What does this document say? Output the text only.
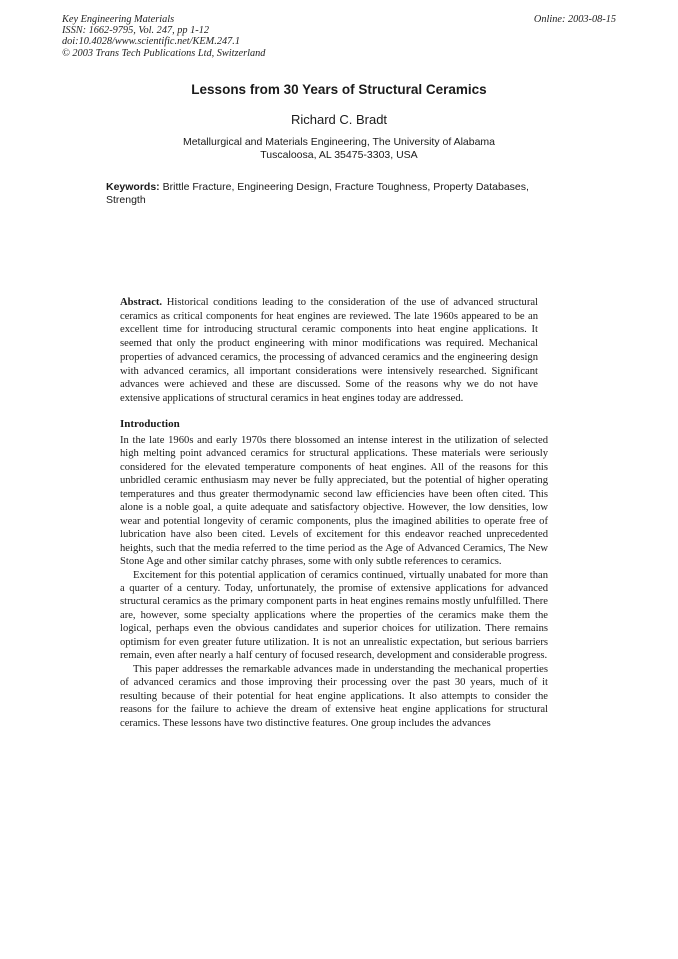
Key Engineering Materials
ISSN: 1662-9795, Vol. 247, pp 1-12
doi:10.4028/www.scientific.net/KEM.247.1
© 2003 Trans Tech Publications Ltd, Switzerland
Online: 2003-08-15
Lessons from 30 Years of Structural Ceramics
Richard C. Bradt
Metallurgical and Materials Engineering, The University of Alabama
Tuscaloosa, AL 35475-3303, USA
Keywords: Brittle Fracture, Engineering Design, Fracture Toughness, Property Databases, Strength
Abstract. Historical conditions leading to the consideration of the use of advanced structural ceramics as critical components for heat engines are reviewed. The late 1960s appeared to be an excellent time for introducing structural ceramic components into heat engine applications. It seemed that only the product engineering with minor modifications was required. Mechanical properties of advanced ceramics, the processing of advanced ceramics and the engineering design with advanced ceramics, all important considerations were intensively researched. Significant advances were achieved and these are discussed. Some of the reasons why we do not have extensive applications of structural ceramics in heat engines today are addressed.
Introduction

In the late 1960s and early 1970s there blossomed an intense interest in the utilization of selected high melting point advanced ceramics for structural applications. These materials were seriously considered for the elevated temperature components of heat engines. All of the reasons for this unbridled ceramic enthusiasm may never be fully appreciated, but the potential of higher operating temperatures and thus greater thermodynamic second law efficiencies have been often cited. This alone is a noble goal, a quite adequate and satisfactory objective. However, the low densities, low wear and potential longevity of ceramic components, plus the imagined abilities to operate free of lubrication have also been cited. Levels of excitement for this endeavor reached unprecedented heights, such that the media referred to the time period as the Age of Advanced Ceramics, The New Stone Age and other similar catchy phrases, some with only subtle references to ceramics.

Excitement for this potential application of ceramics continued, virtually unabated for more than a quarter of a century. Today, unfortunately, the promise of extensive applications for advanced structural ceramics as the primary component parts in heat engines remains mostly unfulfilled. There are, however, some specialty applications where the properties of the ceramics make them the logical, perhaps even the obvious candidates and superior choices for utilization. There remains optimism for even greater future utilization. It is not an unrealistic expectation, but serious barriers remain, even after nearly a half century of focused research, development and considerable progress.

This paper addresses the remarkable advances made in understanding the mechanical properties of advanced ceramics and those improving their processing over the past 30 years, much of it resulting because of their potential for heat engine applications. It also attempts to consider the reasons for the failure to achieve the dream of extensive heat engine applications for structural ceramics. These lessons have two distinctive features. One group includes the advances
